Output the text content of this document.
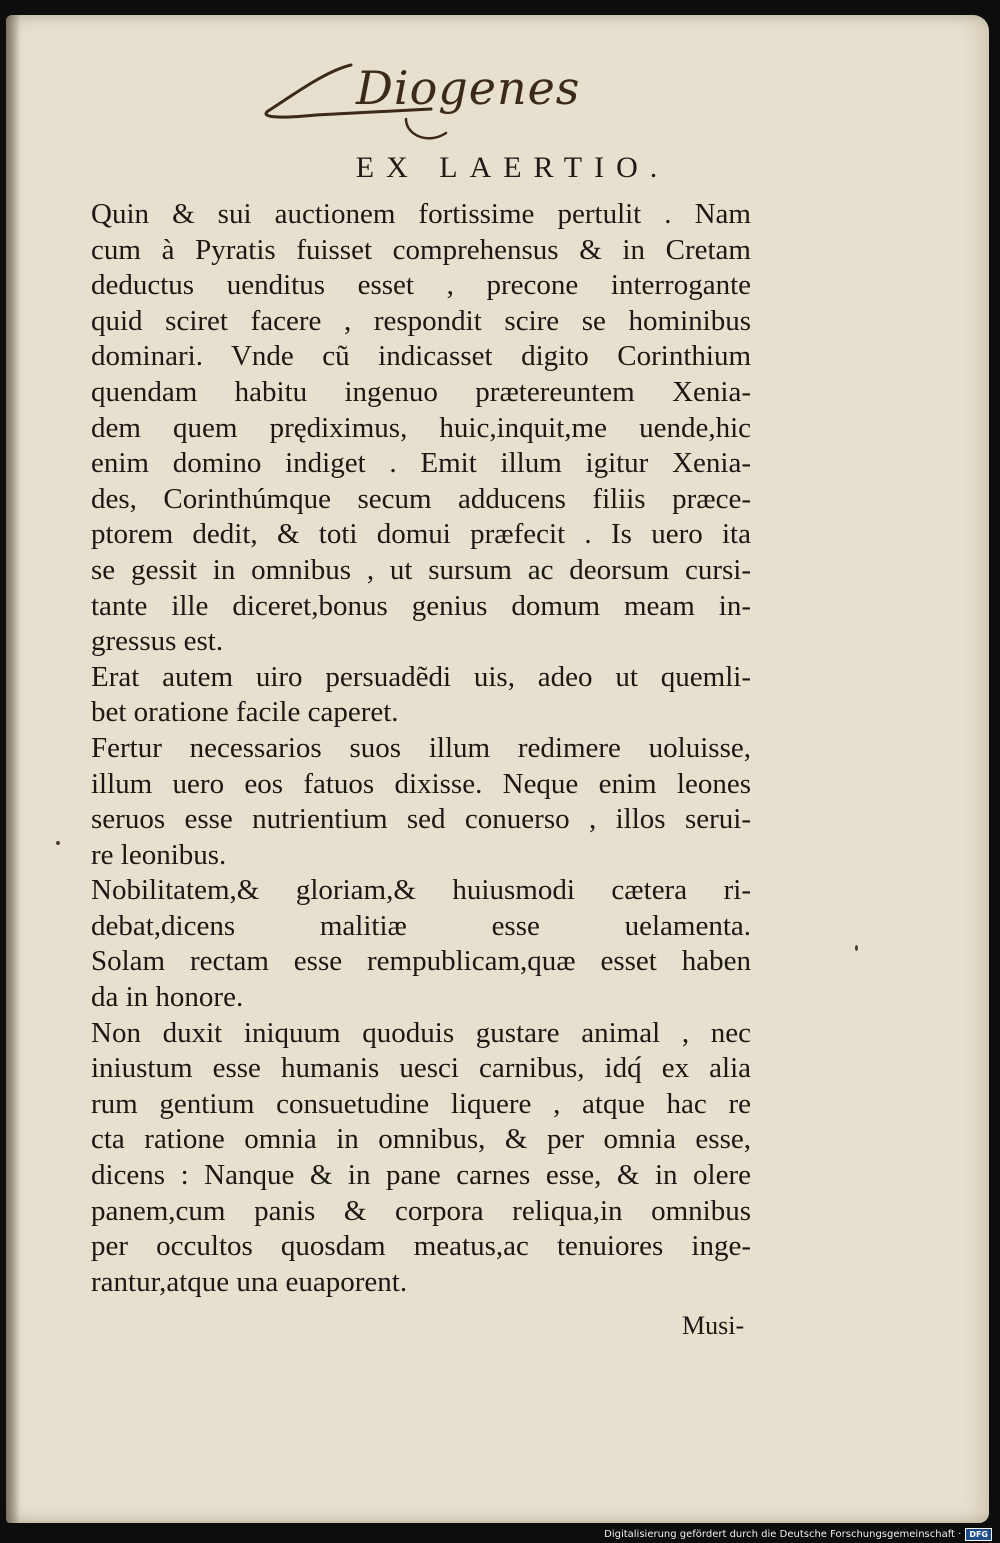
Diogenes
EX LAERTIO.
Quin & sui auctionem fortissime pertulit . Nam
cum à Pyratis fuisset comprehensus & in Cretam
deductus uenditus esset , precone interrogante
quid sciret facere , respondit scire se hominibus
dominari. Vnde cũ indicasset digito Corinthium
quendam habitu ingenuo prætereuntem Xenia-
dem quem prędiximus, huic,inquit,me uende,hic
enim domino indiget . Emit illum igitur Xenia-
des, Corinthúmque secum adducens filiis præce-
ptorem dedit, & toti domui præfecit . Is uero ita
se gessit in omnibus , ut sursum ac deorsum cursi-
tante ille diceret,bonus genius domum meam in-
gressus est.
Erat autem uiro persuadẽdi uis, adeo ut quemli-
bet oratione facile caperet.
Fertur necessarios suos illum redimere uoluisse,
illum uero eos fatuos dixisse. Neque enim leones
seruos esse nutrientium sed conuerso , illos serui-
re leonibus.
Nobilitatem,& gloriam,& huiusmodi cætera ri-
debat,dicens malitiæ esse uelamenta.
Solam rectam esse rempublicam,quæ esset haben
da in honore.
Non duxit iniquum quoduis gustare animal , nec
iniustum esse humanis uesci carnibus, idq́ ex alia
rum gentium consuetudine liquere , atque hac re
cta ratione omnia in omnibus, & per omnia esse,
dicens : Nanque & in pane carnes esse, & in olere
panem,cum panis & corpora reliqua,in omnibus
per occultos quosdam meatus,ac tenuiores inge-
rantur,atque una euaporent.
Musi-
Digitalisierung gefördert durch die Deutsche Forschungsgemeinschaft ·	DFG
